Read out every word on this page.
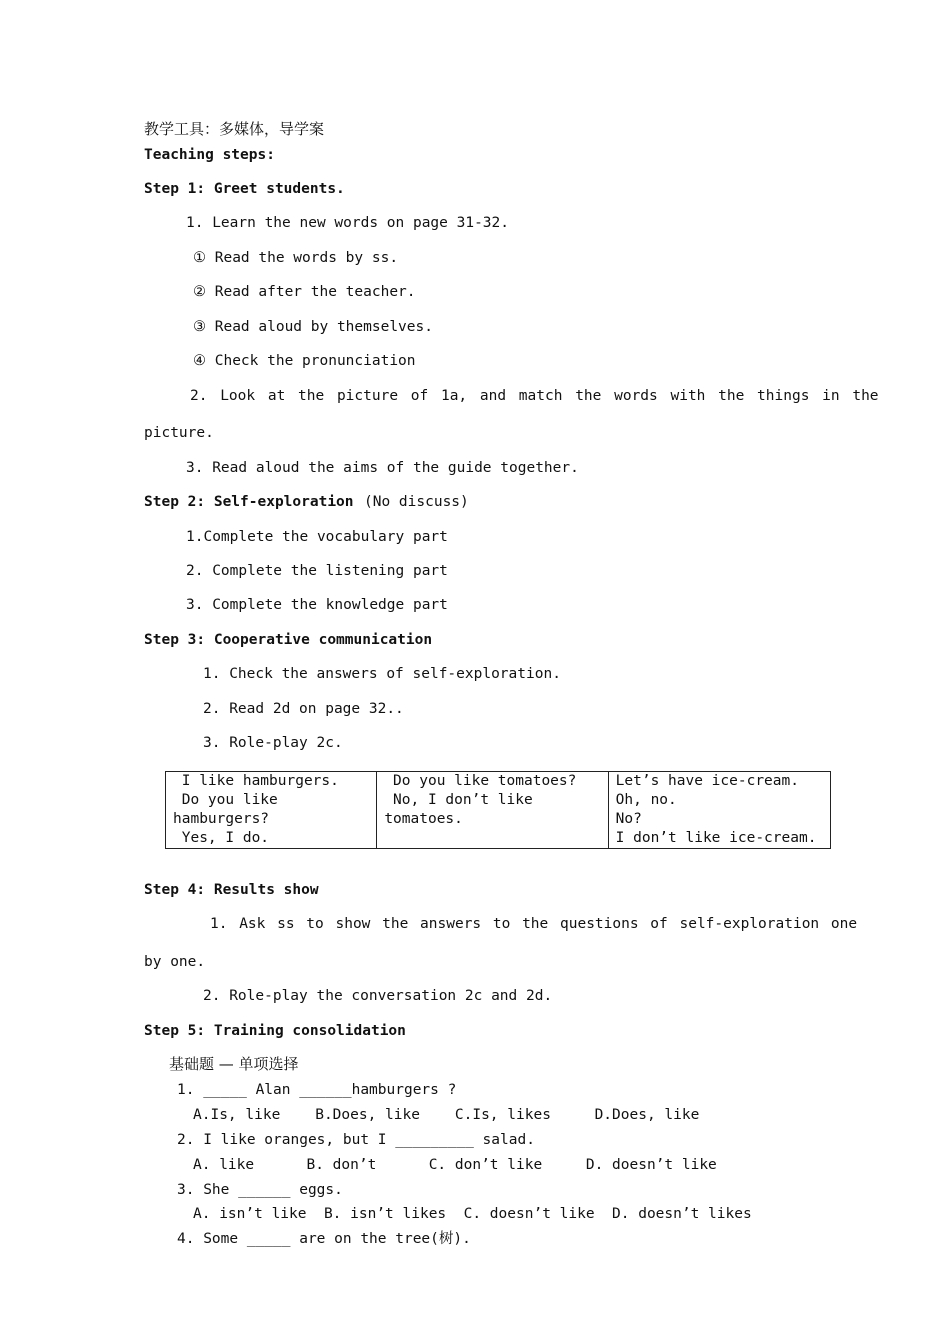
教学工具：多媒体，导学案
Teaching steps:
Step 1: Greet students.
1. Learn the new words on page 31-32.
① Read the words by ss.
② Read after the teacher.
③ Read aloud by themselves.
④ Check the pronunciation
2. Look at the picture of 1a, and match the words with the things in the
picture.
3. Read aloud the aims of the guide together.
Step 2: Self-exploration (No discuss)
1.Complete the vocabulary part
2. Complete the listening part
3. Complete the knowledge part
Step 3: Cooperative communication
1. Check the answers of self-exploration.
2. Read 2d on page 32..
3. Role-play 2c.
I like hamburgers.
Do you like
hamburgers?
Yes, I do.

Do you like tomatoes?
No, I don’t like
tomatoes.

Let’s have ice-cream.
Oh, no.
No?
I don’t like ice-cream.
Step 4: Results show
1. Ask ss to show the answers to the questions of self-exploration one
by one.
2. Role-play the conversation 2c and 2d.
Step 5: Training consolidation
基础题 — 单项选择
1. _____ Alan ______hamburgers ?
A.Is, like    B.Does, like    C.Is, likes     D.Does, like
2. I like oranges, but I _________ salad.
A. like      B. don’t      C. don’t like     D. doesn’t like
3. She ______ eggs.
A. isn’t like  B. isn’t likes  C. doesn’t like  D. doesn’t likes
4. Some _____ are on the tree(树).
